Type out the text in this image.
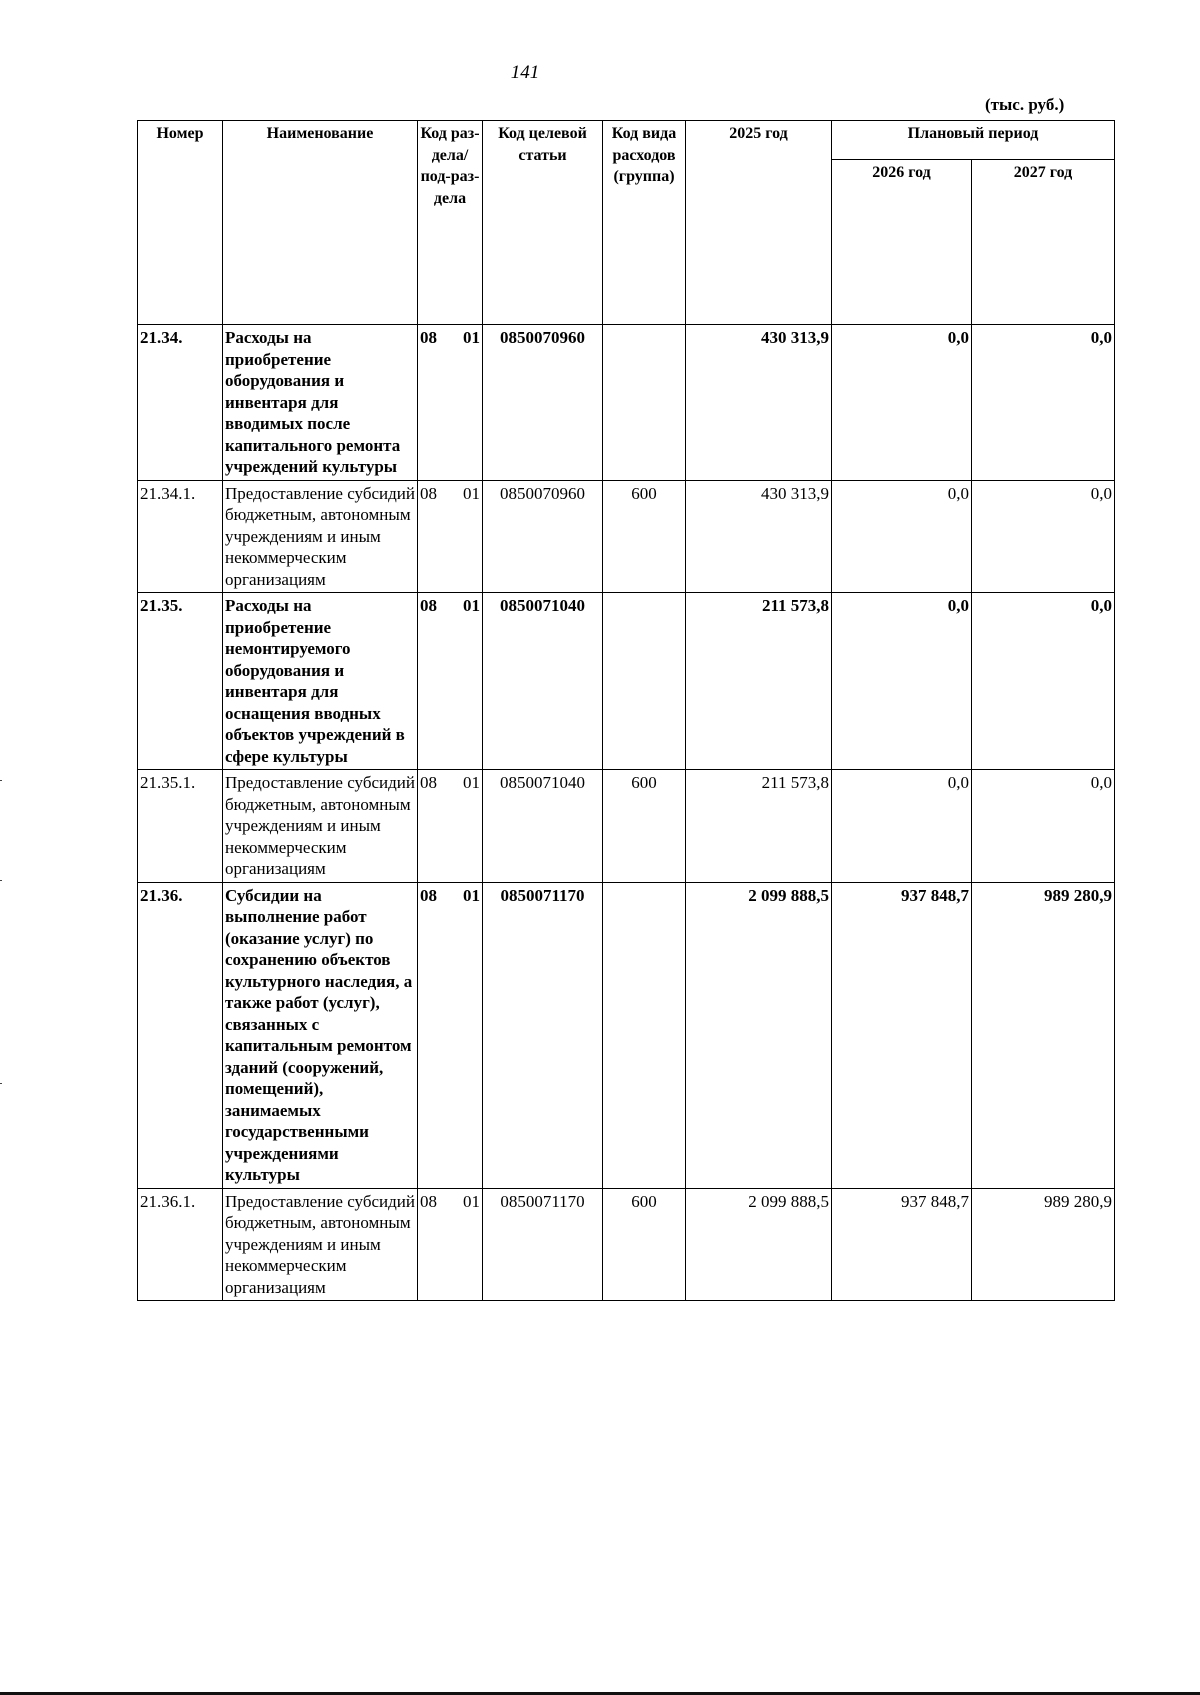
141
(тыс. руб.)
Номер	Наименование	Код раз-дела/ под-раз-дела	Код целевой статьи	Код вида расходов (группа)	2025 год	Плановый период	
						2026 год	2027 год
21.34.	Расходы на приобретение оборудования и инвентаря для вводимых после капитального ремонта учреждений культуры	08 01	0850070960		430 313,9	0,0	0,0
21.34.1.	Предоставление субсидий бюджетным, автономным учреждениям и иным некоммерческим организациям	08 01	0850070960	600	430 313,9	0,0	0,0
21.35.	Расходы на приобретение немонтируемого оборудования и инвентаря для оснащения вводных объектов учреждений в сфере культуры	08 01	0850071040		211 573,8	0,0	0,0
21.35.1.	Предоставление субсидий бюджетным, автономным учреждениям и иным некоммерческим организациям	08 01	0850071040	600	211 573,8	0,0	0,0
21.36.	Субсидии на выполнение работ (оказание услуг) по сохранению объектов культурного наследия, а также работ (услуг), связанных с капитальным ремонтом зданий (сооружений, помещений), занимаемых государственными учреждениями культуры	08 01	0850071170		2 099 888,5	937 848,7	989 280,9
21.36.1.	Предоставление субсидий бюджетным, автономным учреждениям и иным некоммерческим организациям	08 01	0850071170	600	2 099 888,5	937 848,7	989 280,9
